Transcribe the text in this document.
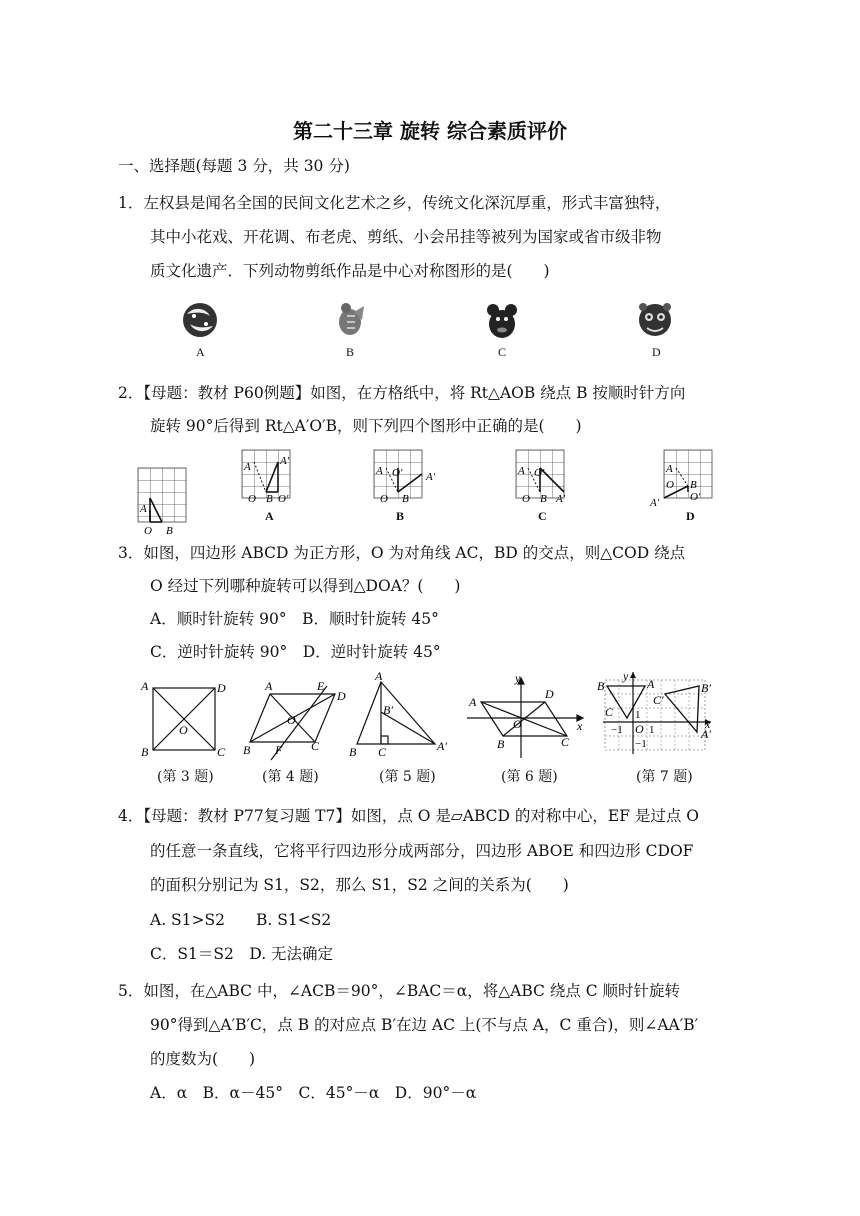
第二十三章 旋转 综合素质评价
一、选择题(每题 3 分，共 30 分)
1．左权县是闻名全国的民间文化艺术之乡，传统文化深沉厚重，形式丰富独特，
其中小花戏、开花调、布老虎、剪纸、小会吊挂等被列为国家或省市级非物
质文化遗产．下列动物剪纸作品是中心对称图形的是(　　)
A	B	C	D
2．【母题：教材 P60例题】如图，在方格纸中，将 Rt△AOB 绕点 B 按顺时针方向
旋转 90°后得到 Rt△A′O′B，则下列四个图形中正确的是(　　)
A
O B
A	A′
O B O′
A O′ A′
O B
A O′
O B A′
A
O B
O′
A′
A	B	C	D
3．如图，四边形 ABCD 为正方形，O 为对角线 AC，BD 的交点，则△COD 绕点
O 经过下列哪种旋转可以得到△DOA？(　　)
A．顺时针旋转 90°　B．顺时针旋转 45°
C．逆时针旋转 90°　D．逆时针旋转 45°
A	D
B	C
O
A	E
D
B F C
O
A
B′
B C	A′
y
x
A
D
O
B	C
B	A	B′
C′
C 1
O
−1 1
−1
A′
x
y
(第 3 题)	(第 4 题)	(第 5 题)	(第 6 题)	(第 7 题)
4．【母题：教材 P77复习题 T7】如图，点 O 是▱ABCD 的对称中心，EF 是过点 O
的任意一条直线，它将平行四边形分成两部分，四边形 ABOE 和四边形 CDOF
的面积分别记为 S1，S2，那么 S1，S2 之间的关系为(　　)
A. S1>S2　　B. S1<S2
C．S1＝S2　D. 无法确定
5．如图，在△ABC 中，∠ACB＝90°，∠BAC＝α，将△ABC 绕点 C 顺时针旋转
90°得到△A′B′C，点 B 的对应点 B′在边 AC 上(不与点 A，C 重合)，则∠AA′B′
的度数为(　　)
A．α　B．α－45°　C．45°－α　D．90°－α
